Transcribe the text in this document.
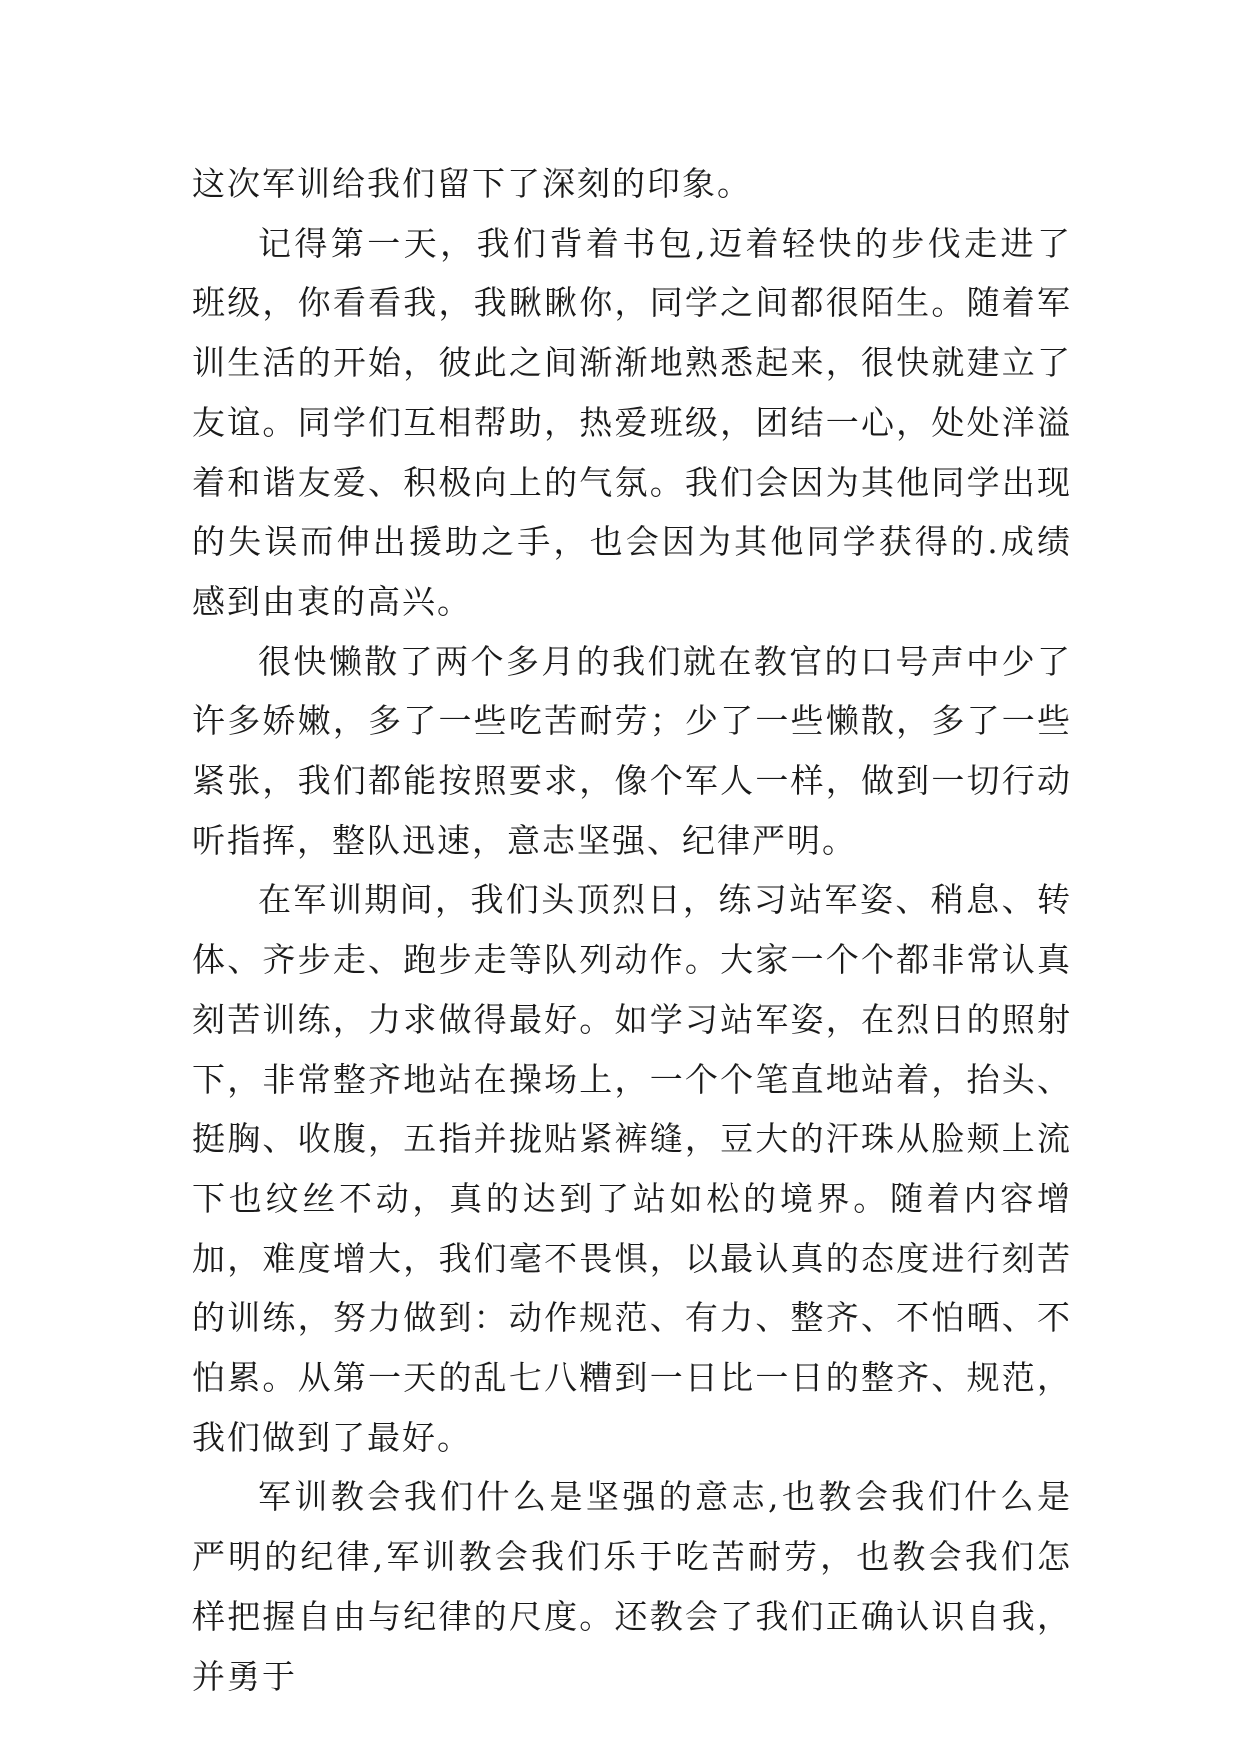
这次军训给我们留下了深刻的印象。

记得第一天，我们背着书包,迈着轻快的步伐走进了班级，你看看我，我瞅瞅你，同学之间都很陌生。随着军训生活的开始，彼此之间渐渐地熟悉起来，很快就建立了友谊。同学们互相帮助，热爱班级，团结一心，处处洋溢着和谐友爱、积极向上的气氛。我们会因为其他同学出现的失误而伸出援助之手，也会因为其他同学获得的.成绩感到由衷的高兴。

很快懒散了两个多月的我们就在教官的口号声中少了许多娇嫩，多了一些吃苦耐劳；少了一些懒散，多了一些紧张，我们都能按照要求，像个军人一样，做到一切行动听指挥，整队迅速，意志坚强、纪律严明。

在军训期间，我们头顶烈日，练习站军姿、稍息、转体、齐步走、跑步走等队列动作。大家一个个都非常认真刻苦训练，力求做得最好。如学习站军姿，在烈日的照射下，非常整齐地站在操场上，一个个笔直地站着，抬头、挺胸、收腹，五指并拢贴紧裤缝，豆大的汗珠从脸颊上流下也纹丝不动，真的达到了站如松的境界。随着内容增加，难度增大，我们毫不畏惧，以最认真的态度进行刻苦的训练，努力做到：动作规范、有力、整齐、不怕晒、不怕累。从第一天的乱七八糟到一日比一日的整齐、规范，我们做到了最好。

军训教会我们什么是坚强的意志,也教会我们什么是严明的纪律,军训教会我们乐于吃苦耐劳，也教会我们怎样把握自由与纪律的尺度。还教会了我们正确认识自我，并勇于
